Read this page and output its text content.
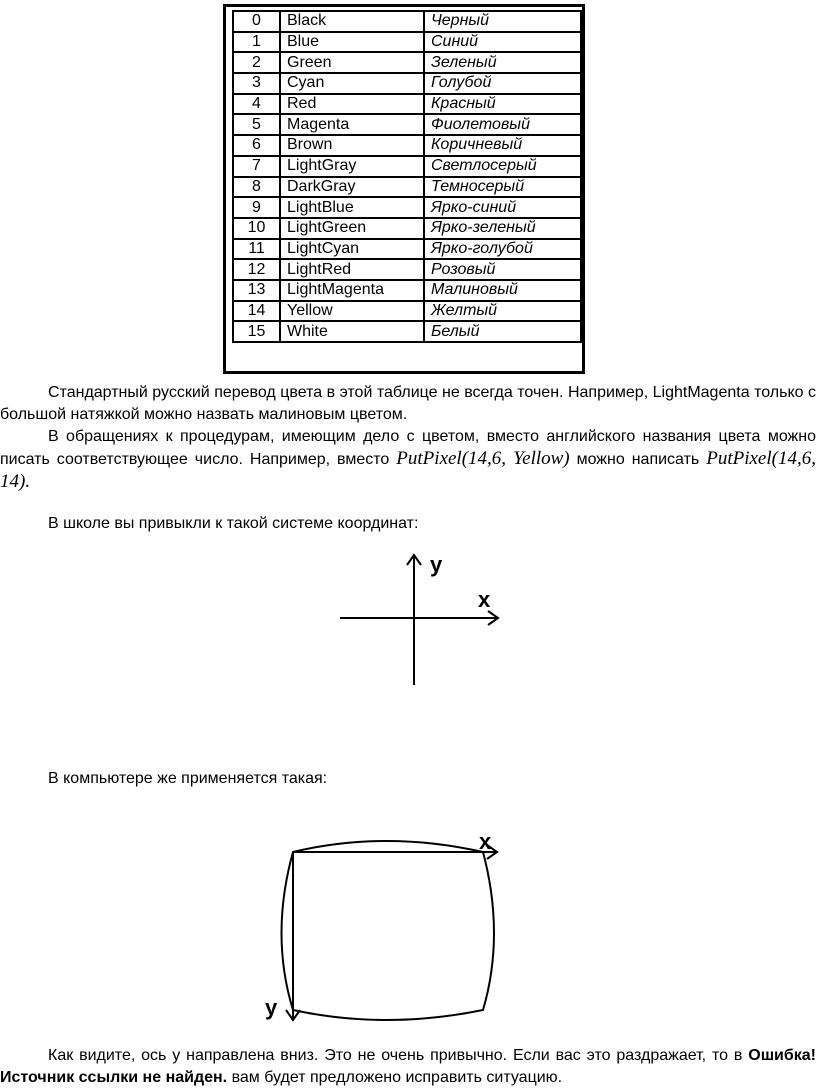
0	Black	Черный
1	Blue	Синий
2	Green	Зеленый
3	Cyan	Голубой
4	Red	Красный
5	Magenta	Фиолетовый
6	Brown	Коричневый
7	LightGray	Светлосерый
8	DarkGray	Темносерый
9	LightBlue	Ярко-синий
10	LightGreen	Ярко-зеленый
11	LightCyan	Ярко-голубой
12	LightRed	Розовый
13	LightMagenta	Малиновый
14	Yellow	Желтый
15	White	Белый

Стандартный русский перевод цвета в этой таблице не всегда точен. Например, LightMagenta только с большой натяжкой можно назвать малиновым цветом.

В обращениях к процедурам, имеющим дело с цветом, вместо английского названия цвета можно писать соответствующее число. Например, вместо PutPixel(14,6, Yellow) можно написать PutPixel(14,6, 14).

В школе вы привыкли к такой системе координат:

y
x

В компьютере же применяется такая:

x
y

Как видите, ось y направлена вниз. Это не очень привычно. Если вас это раздражает, то в Ошибка! Источник ссылки не найден. вам будет предложено исправить ситуацию.
